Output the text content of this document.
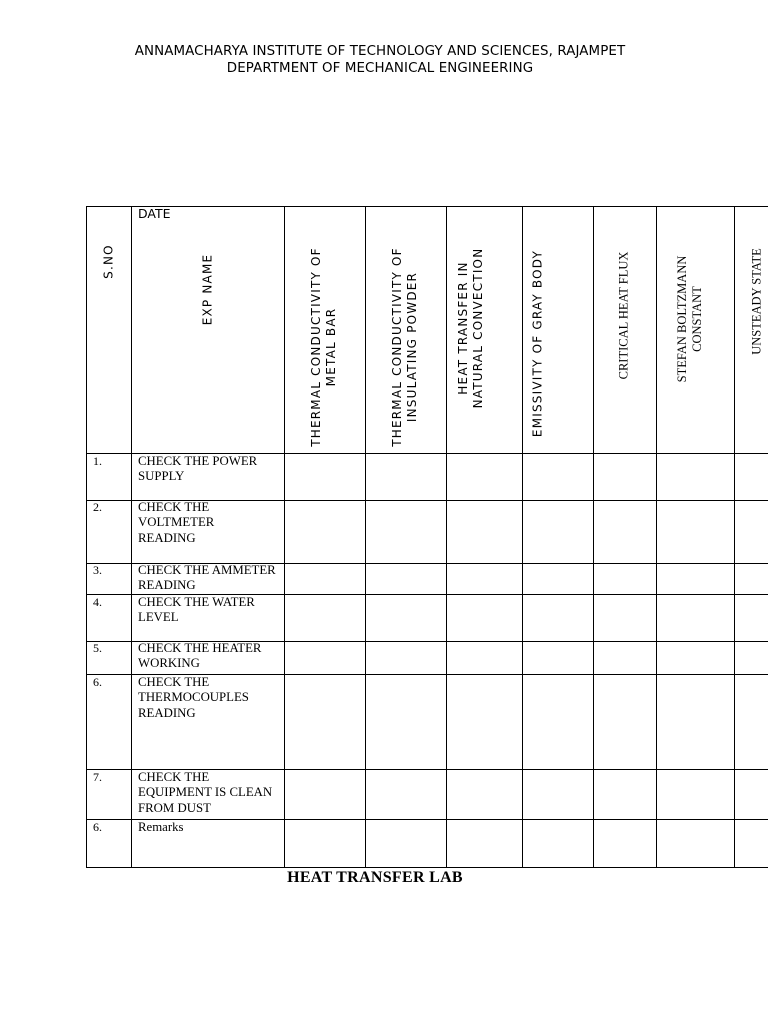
ANNAMACHARYA INSTITUTE OF TECHNOLOGY AND SCIENCES, RAJAMPET
DEPARTMENT OF MECHANICAL ENGINEERING
DATE
S.NO	EXP NAME	THERMAL CONDUCTIVITY OF METAL BAR	THERMAL CONDUCTIVITY OF INSULATING POWDER	HEAT TRANSFER IN NATURAL CONVECTION	EMISSIVITY OF GRAY BODY	CRITICAL HEAT FLUX	STEFAN BOLTZMANN CONSTANT	UNSTEADY STATE
1.	CHECK THE POWER SUPPLY
2.	CHECK THE VOLTMETER READING
3.	CHECK THE AMMETER READING
4.	CHECK THE WATER LEVEL
5.	CHECK THE HEATER WORKING
6.	CHECK THE THERMOCOUPLES READING
7.	CHECK THE EQUIPMENT IS CLEAN FROM DUST
6.	Remarks
HEAT TRANSFER LAB
